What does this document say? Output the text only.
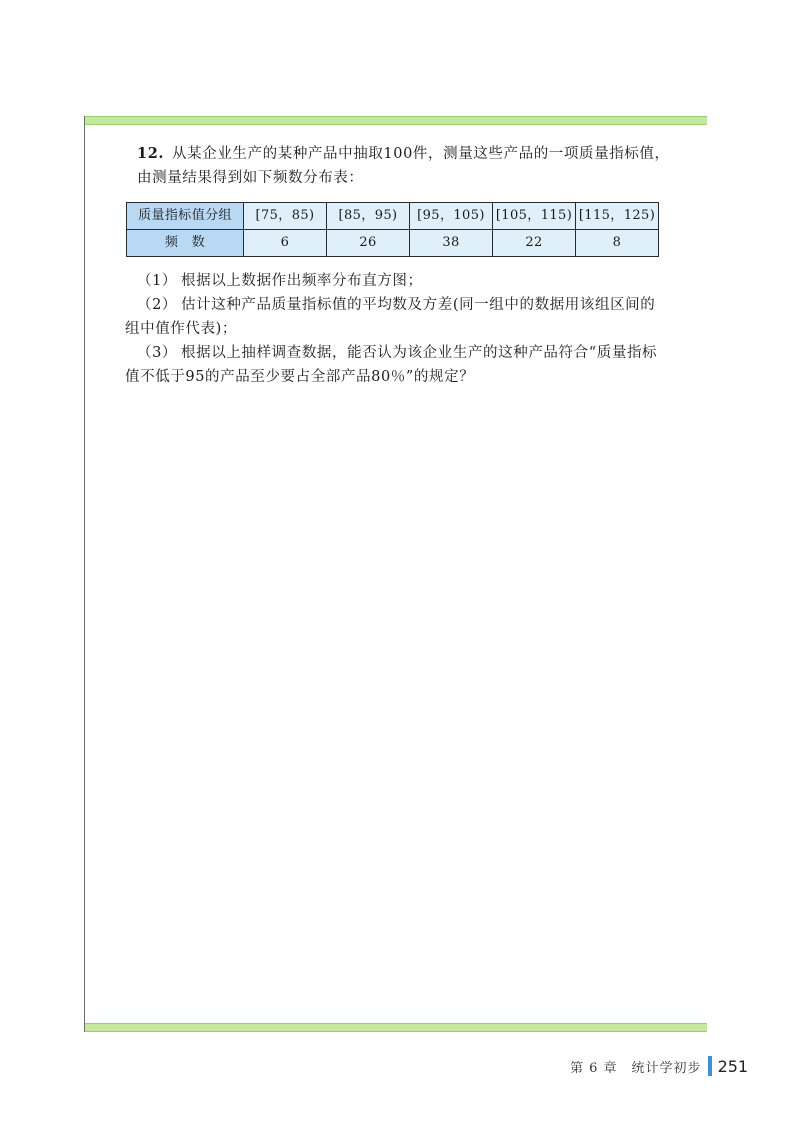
12. 从某企业生产的某种产品中抽取100件，测量这些产品的一项质量指标值，

由测量结果得到如下频数分布表：

质量指标值分组	[75，85)	[85，95)	[95，105)	[105，115)	[115，125)
频　数	6	26	38	22	8

（1） 根据以上数据作出频率分布直方图；

（2） 估计这种产品质量指标值的平均数及方差(同一组中的数据用该组区间的

组中值作代表)；

（3） 根据以上抽样调查数据，能否认为该企业生产的这种产品符合“质量指标

值不低于95的产品至少要占全部产品80％”的规定？

第 6 章 统计学初步 251
